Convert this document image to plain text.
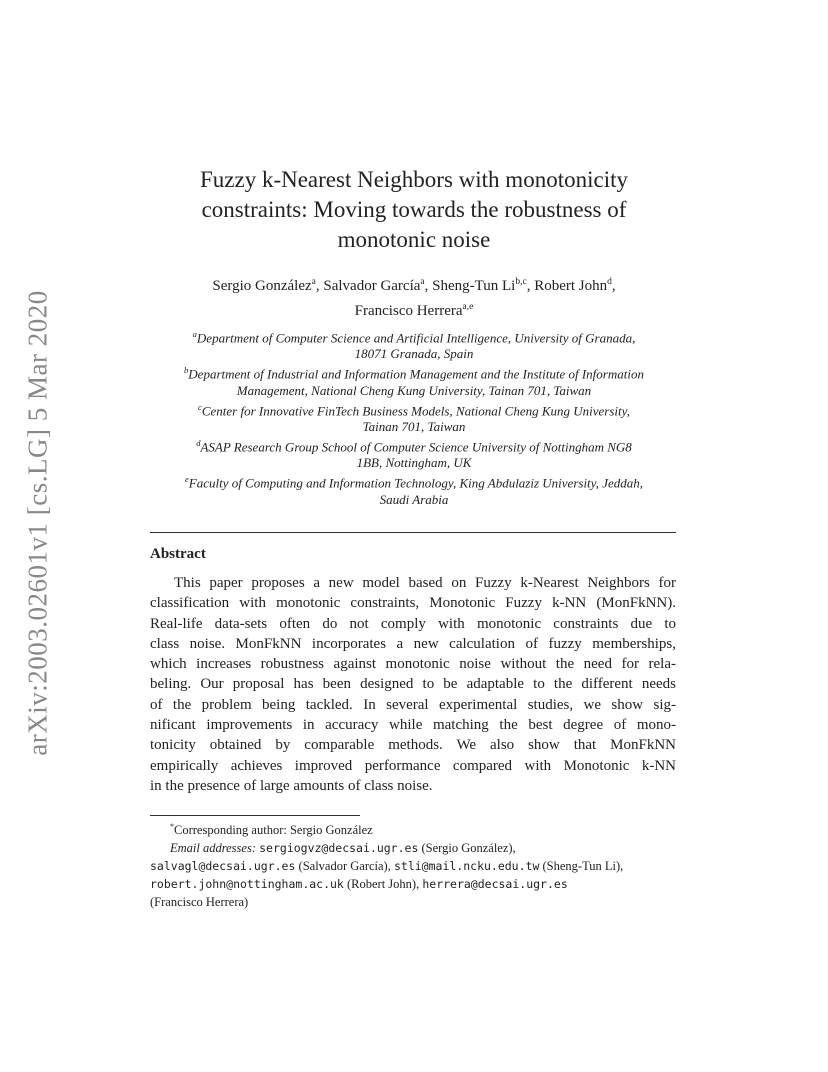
arXiv:2003.02601v1 [cs.LG] 5 Mar 2020
Fuzzy k-Nearest Neighbors with monotonicity
constraints: Moving towards the robustness of
monotonic noise
Sergio González$^a$, Salvador García$^a$, Sheng-Tun Li$^{b,c}$, Robert John$^d$,
Francisco Herrera$^{a,e}$
$^a$Department of Computer Science and Artificial Intelligence, University of Granada,
18071 Granada, Spain
$^b$Department of Industrial and Information Management and the Institute of Information
Management, National Cheng Kung University, Tainan 701, Taiwan
$^c$Center for Innovative FinTech Business Models, National Cheng Kung University,
Tainan 701, Taiwan
$^d$ASAP Research Group School of Computer Science University of Nottingham NG8
1BB, Nottingham, UK
$^e$Faculty of Computing and Information Technology, King Abdulaziz University, Jeddah,
Saudi Arabia
Abstract
This paper proposes a new model based on Fuzzy k-Nearest Neighbors for
classification with monotonic constraints, Monotonic Fuzzy k-NN (MonFkNN).
Real-life data-sets often do not comply with monotonic constraints due to
class noise. MonFkNN incorporates a new calculation of fuzzy memberships,
which increases robustness against monotonic noise without the need for rela-
beling. Our proposal has been designed to be adaptable to the different needs
of the problem being tackled. In several experimental studies, we show sig-
nificant improvements in accuracy while matching the best degree of mono-
tonicity obtained by comparable methods. We also show that MonFkNN
empirically achieves improved performance compared with Monotonic k-NN
in the presence of large amounts of class noise.
*Corresponding author: Sergio González
Email addresses: sergiogvz@decsai.ugr.es (Sergio González),
salvagl@decsai.ugr.es (Salvador García), stli@mail.ncku.edu.tw (Sheng-Tun Li),
robert.john@nottingham.ac.uk (Robert John), herrera@decsai.ugr.es
(Francisco Herrera)
